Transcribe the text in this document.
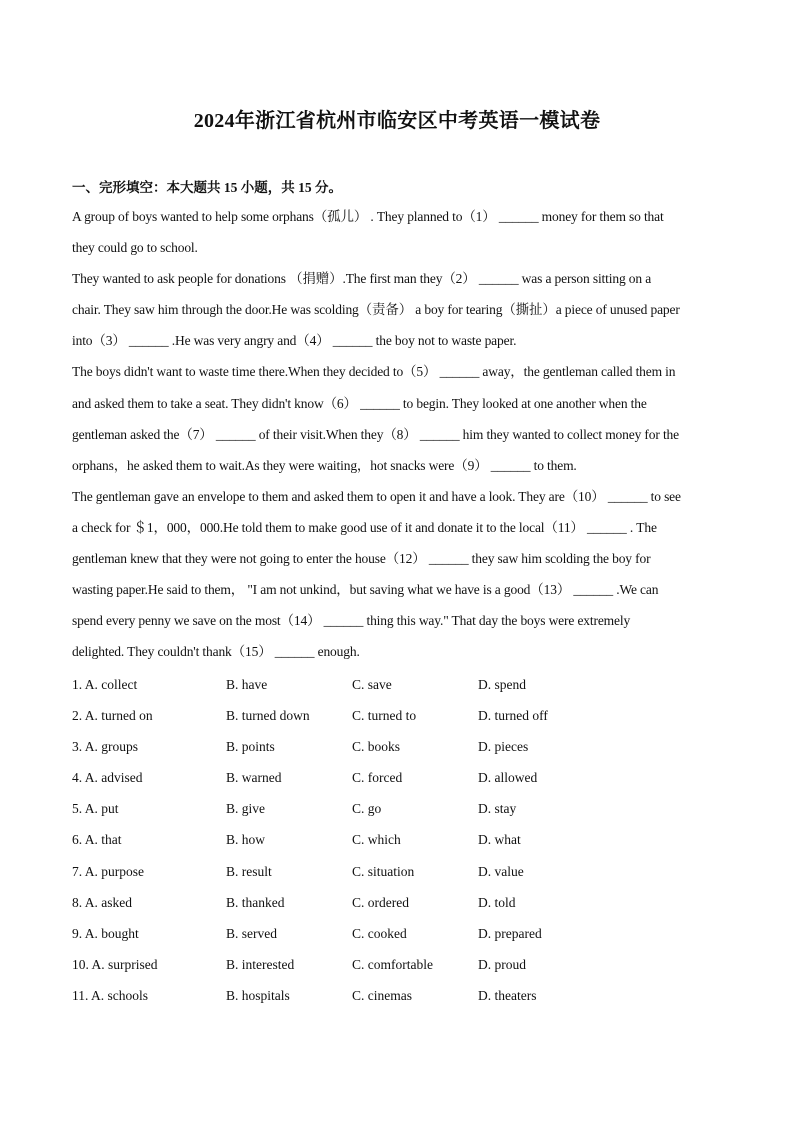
2024年浙江省杭州市临安区中考英语一模试卷
一、完形填空：本大题共 15 小题，共 15 分。

A group of boys wanted to help some orphans（孤儿） . They planned to（1） ______ money for them so that

they could go to school.

They wanted to ask people for donations （捐赠）.The first man they（2） ______ was a person sitting on a

chair. They saw him through the door.He was scolding（责备） a boy for tearing（撕扯）a piece of unused paper

into（3） ______ .He was very angry and（4） ______ the boy not to waste paper.

The boys didn't want to waste time there.When they decided to（5） ______ away，the gentleman called them in

and asked them to take a seat. They didn't know（6） ______ to begin. They looked at one another when the

gentleman asked the（7） ______ of their visit.When they（8） ______ him they wanted to collect money for the

orphans，he asked them to wait.As they were waiting，hot snacks were（9） ______ to them.

The gentleman gave an envelope to them and asked them to open it and have a look. They are（10） ______ to see

a check for ＄1，000，000.He told them to make good use of it and donate it to the local（11） ______ . The

gentleman knew that they were not going to enter the house（12） ______ they saw him scolding the boy for

wasting paper.He said to them， "I am not unkind，but saving what we have is a good（13） ______ .We can

spend every penny we save on the most（14） ______ thing this way." That day the boys were extremely

delighted. They couldn't thank（15） ______ enough.

1. A. collect	B. have	C. save	D. spend
2. A. turned on	B. turned down	C. turned to	D. turned off
3. A. groups	B. points	C. books	D. pieces
4. A. advised	B. warned	C. forced	D. allowed
5. A. put	B. give	C. go	D. stay
6. A. that	B. how	C. which	D. what
7. A. purpose	B. result	C. situation	D. value
8. A. asked	B. thanked	C. ordered	D. told
9. A. bought	B. served	C. cooked	D. prepared
10. A. surprised	B. interested	C. comfortable	D. proud
11. A. schools	B. hospitals	C. cinemas	D. theaters
